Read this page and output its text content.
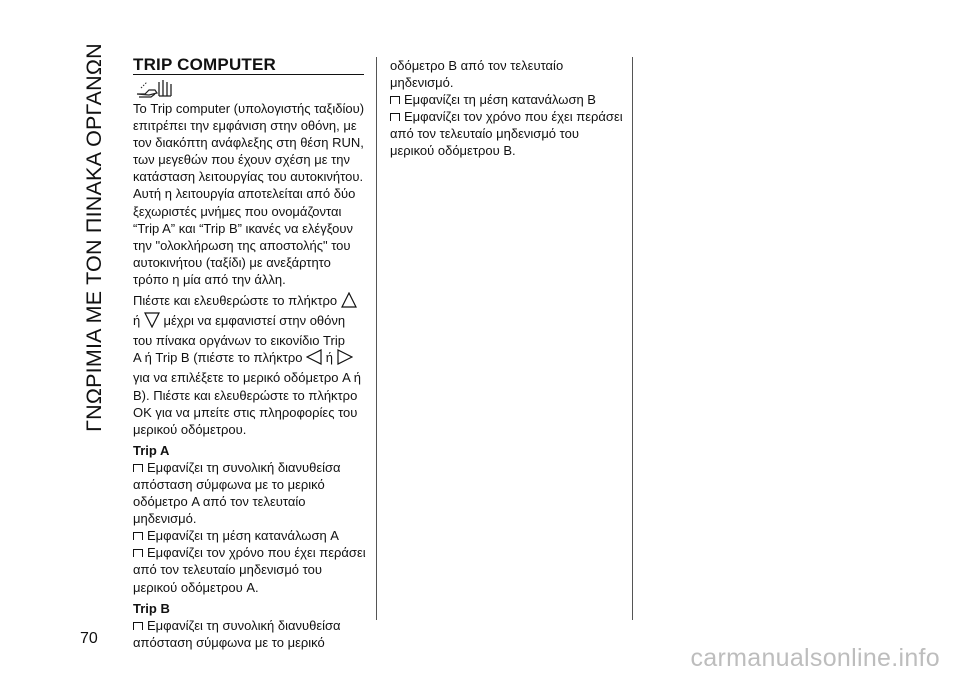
ΓΝΩΡΙΜΙΑ ΜΕ ΤΟΝ ΠΙΝΑΚΑ ΟΡΓΑΝΩΝ
70
TRIP COMPUTER

Το Trip computer (υπολογιστής ταξιδίου)

επιτρέπει την εμφάνιση στην οθόνη, με

τον διακόπτη ανάφλεξης στη θέση RUN,

των μεγεθών που έχουν σχέση με την

κατάσταση λειτουργίας του αυτοκινήτου.

Αυτή η λειτουργία αποτελείται από δύο

ξεχωριστές μνήμες που ονομάζονται

“Trip A” και “Trip B” ικανές να ελέγξουν

την "ολοκλήρωση της αποστολής" του

αυτοκινήτου (ταξίδι) με ανεξάρτητο

τρόπο η μία από την άλλη.

Πιέστε και ελευθερώστε το πλήκτρο

ή μέχρι να εμφανιστεί στην οθόνη

του πίνακα οργάνων το εικονίδιο Trip

A ή Trip B (πιέστε το πλήκτρο ή

για να επιλέξετε το μερικό οδόμετρο A ή

B). Πιέστε και ελευθερώστε το πλήκτρο

OK για να μπείτε στις πληροφορίες του

μερικού οδόμετρου.

Trip A

Εμφανίζει τη συνολική διανυθείσα

απόσταση σύμφωνα με το μερικό

οδόμετρο A από τον τελευταίο

μηδενισμό.

Εμφανίζει τη μέση κατανάλωση A

Εμφανίζει τον χρόνο που έχει περάσει

από τον τελευταίο μηδενισμό του

μερικού οδόμετρου A.

Trip B

Εμφανίζει τη συνολική διανυθείσα

απόσταση σύμφωνα με το μερικό

οδόμετρο B από τον τελευταίο

μηδενισμό.

Εμφανίζει τη μέση κατανάλωση B

Εμφανίζει τον χρόνο που έχει περάσει

από τον τελευταίο μηδενισμό του

μερικού οδόμετρου B.

carmanualsonline.info
